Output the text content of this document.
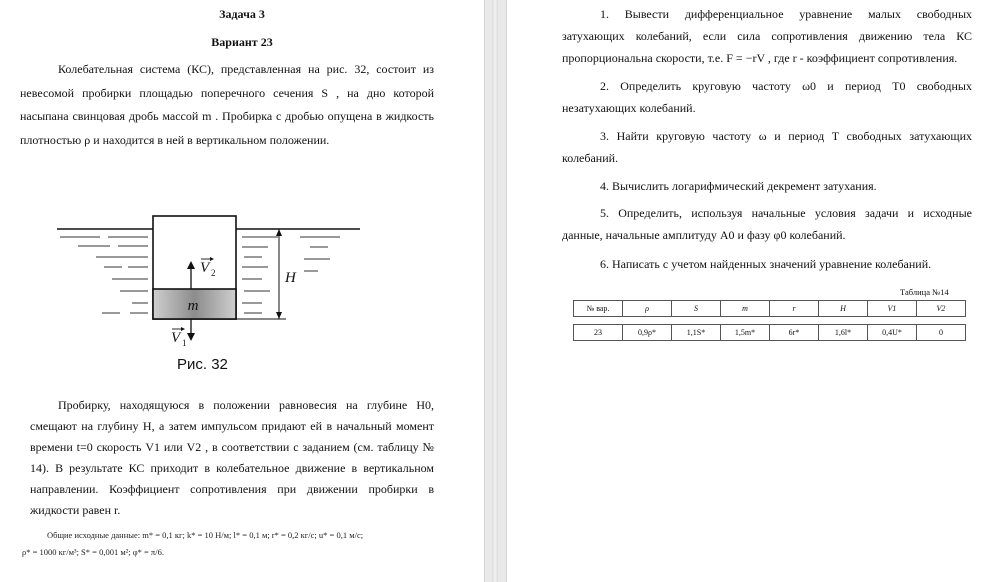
Задача 3
Вариант 23

Колебательная система (КС), представленная на рис. 32, состоит из невесомой пробирки площадью поперечного сечения S , на дно которой насыпана свинцовая дробь массой m . Пробирка с дробью опущена в жидкость плотностью ρ и находится в ней в вертикальном положении.

m
V 2
V 1
H
Рис. 32

Пробирку, находящуюся в положении равновесия на глубине H0, смещают на глубину H, а затем импульсом придают ей в начальный момент времени t=0 скорость V1 или V2 , в соответствии с заданием (см. таблицу № 14). В результате КС приходит в колебательное движение в вертикальном направлении. Коэффициент сопротивления при движении пробирки в жидкости равен r.

Общие исходные данные: m* = 0,1 кг; k* = 10 Н/м; l* = 0,1 м; r* = 0,2 кг/с; u* = 0,1 м/с;
ρ* = 1000 кг/м³; S* = 0,001 м²; φ* = π/6.

1. Вывести дифференциальное уравнение малых свободных затухающих колебаний, если сила сопротивления движению тела КС пропорциональна скорости, т.е. F = −rV , где r - коэффициент сопротивления.

2. Определить круговую частоту ω0 и период T0 свободных незатухающих колебаний.

3. Найти круговую частоту ω и период T свободных затухающих колебаний.

4. Вычислить логарифмический декремент затухания.

5. Определить, используя начальные условия задачи и исходные данные, начальные амплитуду A0 и фазу φ0 колебаний.

6. Написать с учетом найденных значений уравнение колебаний.

Таблица №14
№ вар.	ρ	S	m	r	H	V1	V2

23	0,9ρ*	1,1S*	1,5m*	6r*	1,6l*	0,4U*	0
